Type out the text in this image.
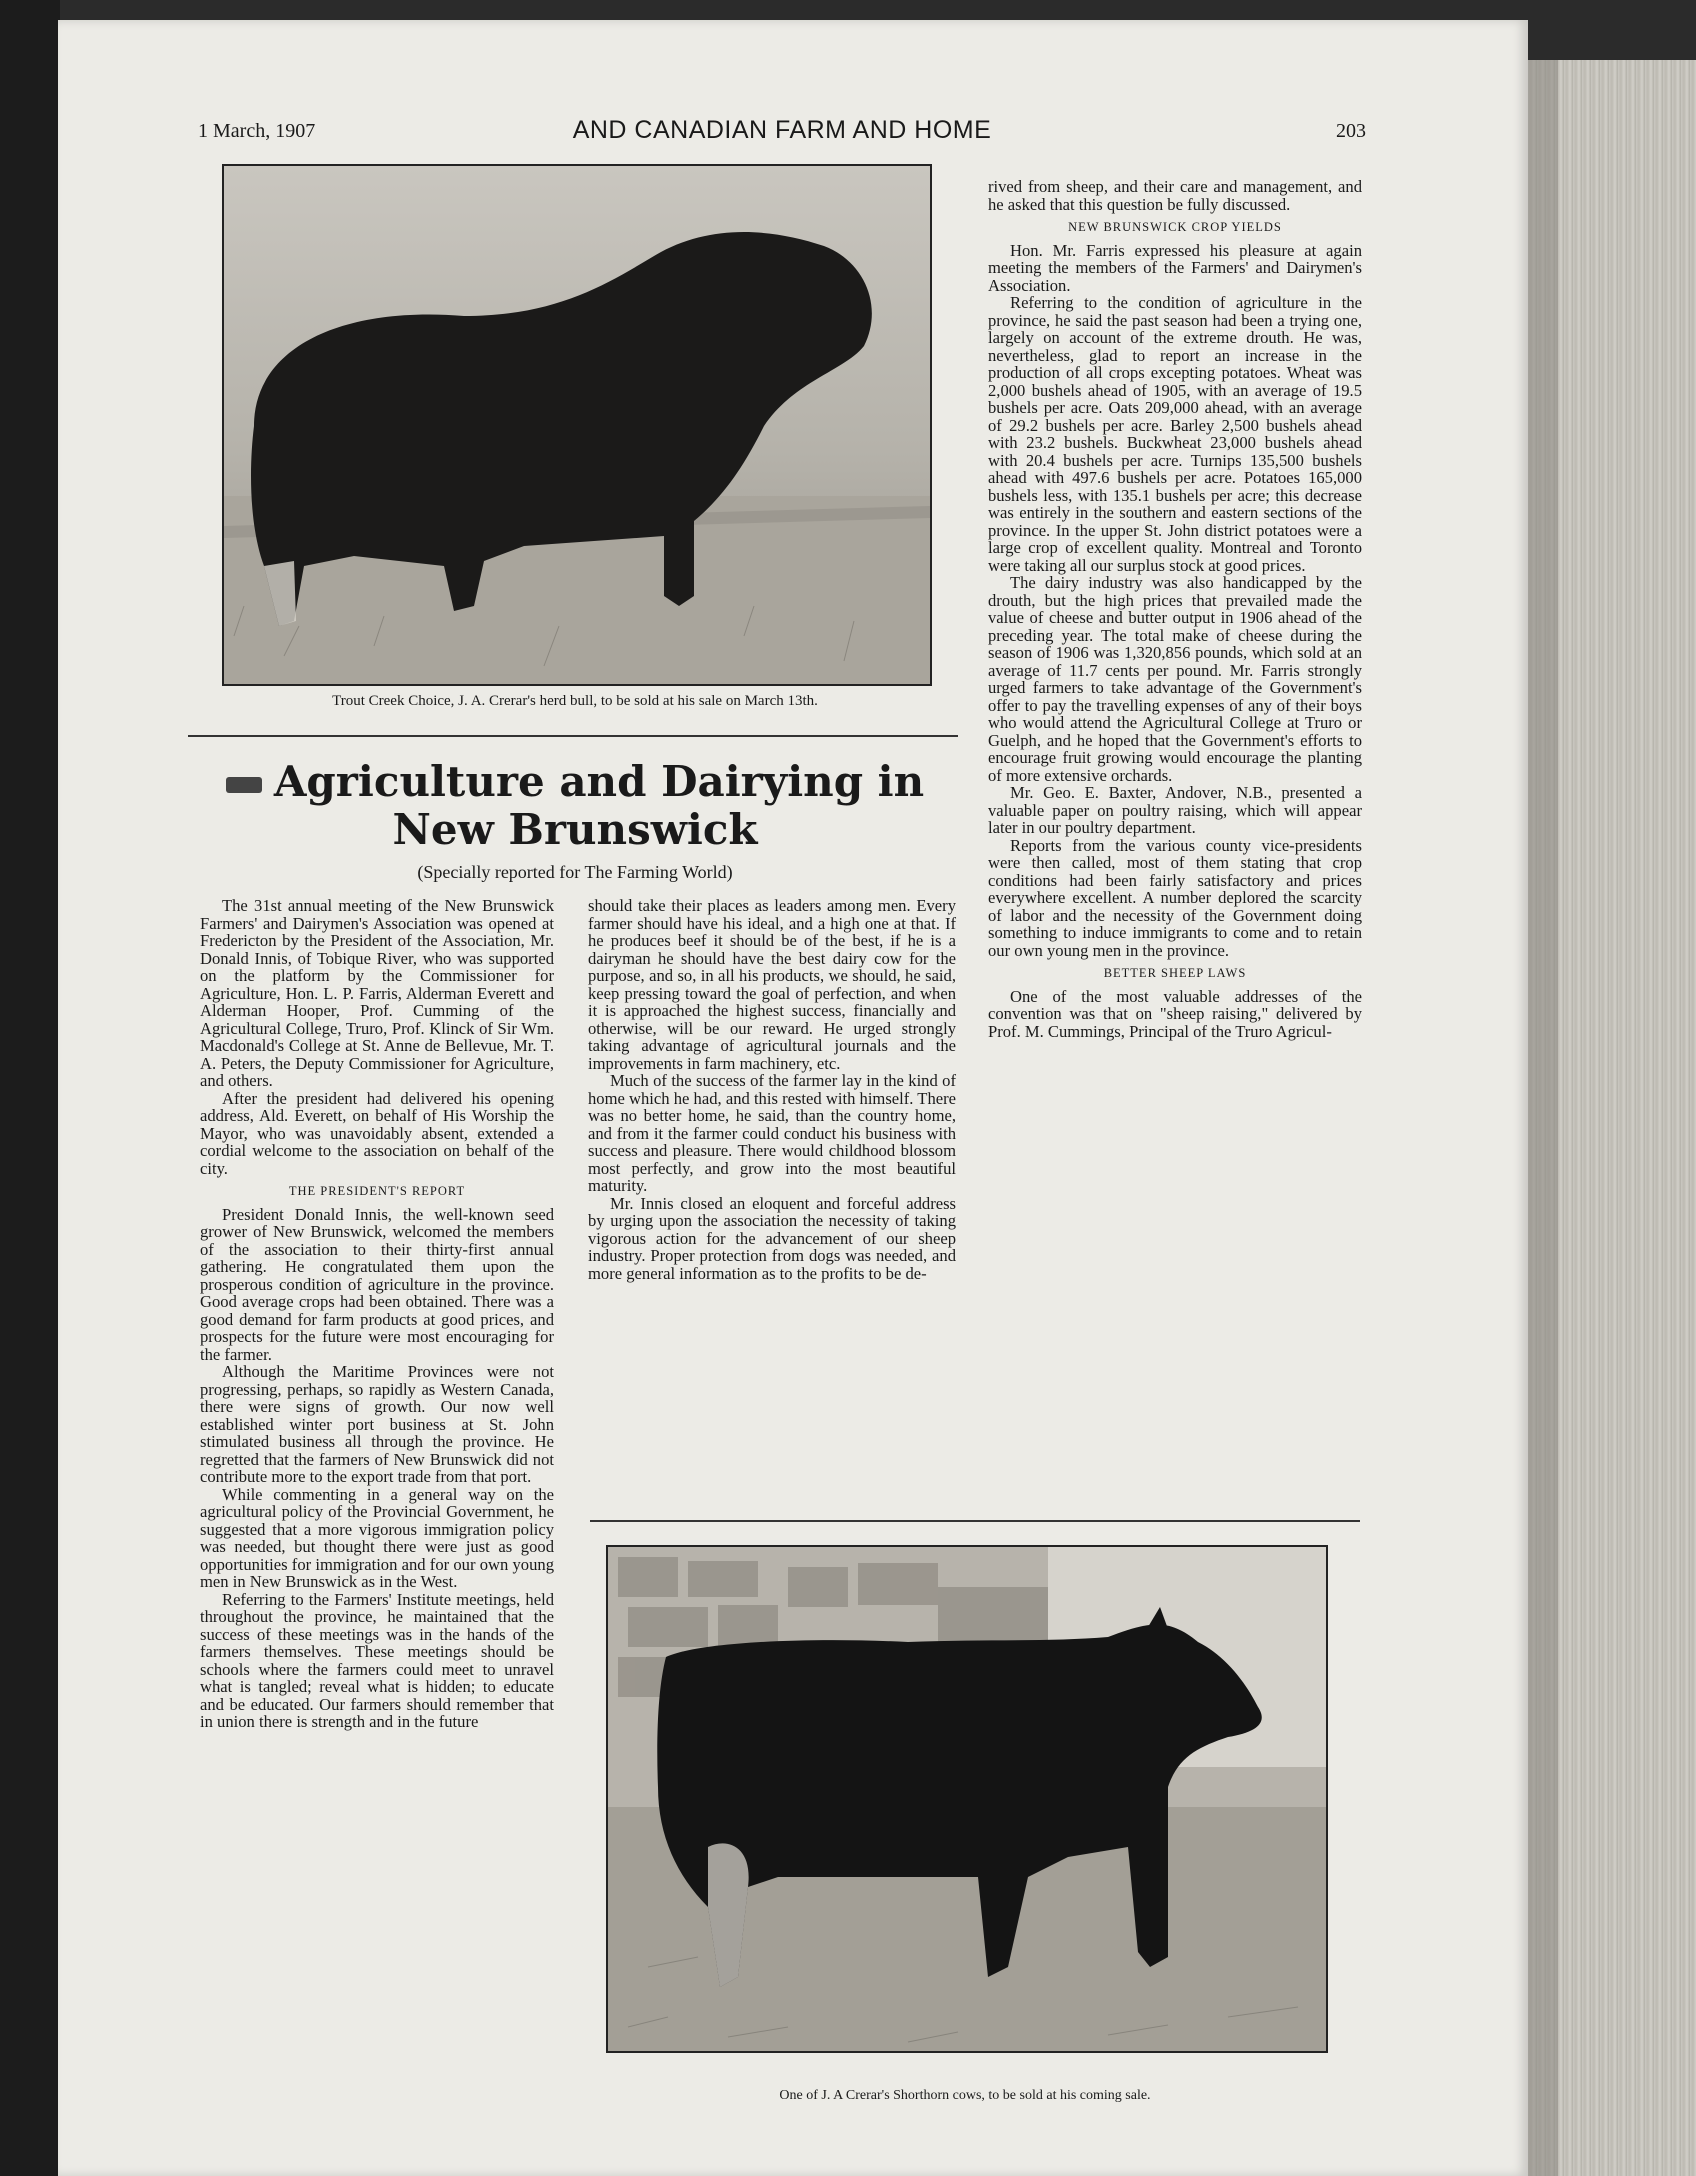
1 March, 1907	AND CANADIAN FARM AND HOME	203
Trout Creek Choice, J. A. Crerar's herd bull, to be sold at his sale on March 13th.
Agriculture and Dairying in New Brunswick
(Specially reported for The Farming World)

The 31st annual meeting of the New Brunswick Farmers' and Dairymen's Association was opened at Fredericton by the President of the Association, Mr. Donald Innis, of Tobique River, who was supported on the platform by the Commissioner for Agriculture, Hon. L. P. Farris, Alderman Everett and Alderman Hooper, Prof. Cumming of the Agricultural College, Truro, Prof. Klinck of Sir Wm. Macdonald's College at St. Anne de Bellevue, Mr. T. A. Peters, the Deputy Commissioner for Agriculture, and others.

After the president had delivered his opening address, Ald. Everett, on behalf of His Worship the Mayor, who was unavoidably absent, extended a cordial welcome to the association on behalf of the city.

THE PRESIDENT'S REPORT

President Donald Innis, the well-known seed grower of New Brunswick, welcomed the members of the association to their thirty-first annual gathering. He congratulated them upon the prosperous condition of agriculture in the province. Good average crops had been obtained. There was a good demand for farm products at good prices, and prospects for the future were most encouraging for the farmer.

Although the Maritime Provinces were not progressing, perhaps, so rapidly as Western Canada, there were signs of growth. Our now well established winter port business at St. John stimulated business all through the province. He regretted that the farmers of New Brunswick did not contribute more to the export trade from that port.

While commenting in a general way on the agricultural policy of the Provincial Government, he suggested that a more vigorous immigration policy was needed, but thought there were just as good opportunities for immigration and for our own young men in New Brunswick as in the West.

Referring to the Farmers' Institute meetings, held throughout the province, he maintained that the success of these meetings was in the hands of the farmers themselves. These meetings should be schools where the farmers could meet to unravel what is tangled; reveal what is hidden; to educate and be educated. Our farmers should remember that in union there is strength and in the future

should take their places as leaders among men. Every farmer should have his ideal, and a high one at that. If he produces beef it should be of the best, if he is a dairyman he should have the best dairy cow for the purpose, and so, in all his products, we should, he said, keep pressing toward the goal of perfection, and when it is approached the highest success, financially and otherwise, will be our reward. He urged strongly taking advantage of agricultural journals and the improvements in farm machinery, etc.

Much of the success of the farmer lay in the kind of home which he had, and this rested with himself. There was no better home, he said, than the country home, and from it the farmer could conduct his business with success and pleasure. There would childhood blossom most perfectly, and grow into the most beautiful maturity.

Mr. Innis closed an eloquent and forceful address by urging upon the association the necessity of taking vigorous action for the advancement of our sheep industry. Proper protection from dogs was needed, and more general information as to the profits to be de-

rived from sheep, and their care and management, and he asked that this question be fully discussed.

NEW BRUNSWICK CROP YIELDS

Hon. Mr. Farris expressed his pleasure at again meeting the members of the Farmers' and Dairymen's Association.

Referring to the condition of agriculture in the province, he said the past season had been a trying one, largely on account of the extreme drouth. He was, nevertheless, glad to report an increase in the production of all crops excepting potatoes. Wheat was 2,000 bushels ahead of 1905, with an average of 19.5 bushels per acre. Oats 209,000 ahead, with an average of 29.2 bushels per acre. Barley 2,500 bushels ahead with 23.2 bushels. Buckwheat 23,000 bushels ahead with 20.4 bushels per acre. Turnips 135,500 bushels ahead with 497.6 bushels per acre. Potatoes 165,000 bushels less, with 135.1 bushels per acre; this decrease was entirely in the southern and eastern sections of the province. In the upper St. John district potatoes were a large crop of excellent quality. Montreal and Toronto were taking all our surplus stock at good prices.

The dairy industry was also handicapped by the drouth, but the high prices that prevailed made the value of cheese and butter output in 1906 ahead of the preceding year. The total make of cheese during the season of 1906 was 1,320,856 pounds, which sold at an average of 11.7 cents per pound. Mr. Farris strongly urged farmers to take advantage of the Government's offer to pay the travelling expenses of any of their boys who would attend the Agricultural College at Truro or Guelph, and he hoped that the Government's efforts to encourage fruit growing would encourage the planting of more extensive orchards.

Mr. Geo. E. Baxter, Andover, N.B., presented a valuable paper on poultry raising, which will appear later in our poultry department.

Reports from the various county vice-presidents were then called, most of them stating that crop conditions had been fairly satisfactory and prices everywhere excellent. A number deplored the scarcity of labor and the necessity of the Government doing something to induce immigrants to come and to retain our own young men in the province.

BETTER SHEEP LAWS

One of the most valuable addresses of the convention was that on "sheep raising," delivered by Prof. M. Cummings, Principal of the Truro Agricul-

One of J. A Crerar's Shorthorn cows, to be sold at his coming sale.
